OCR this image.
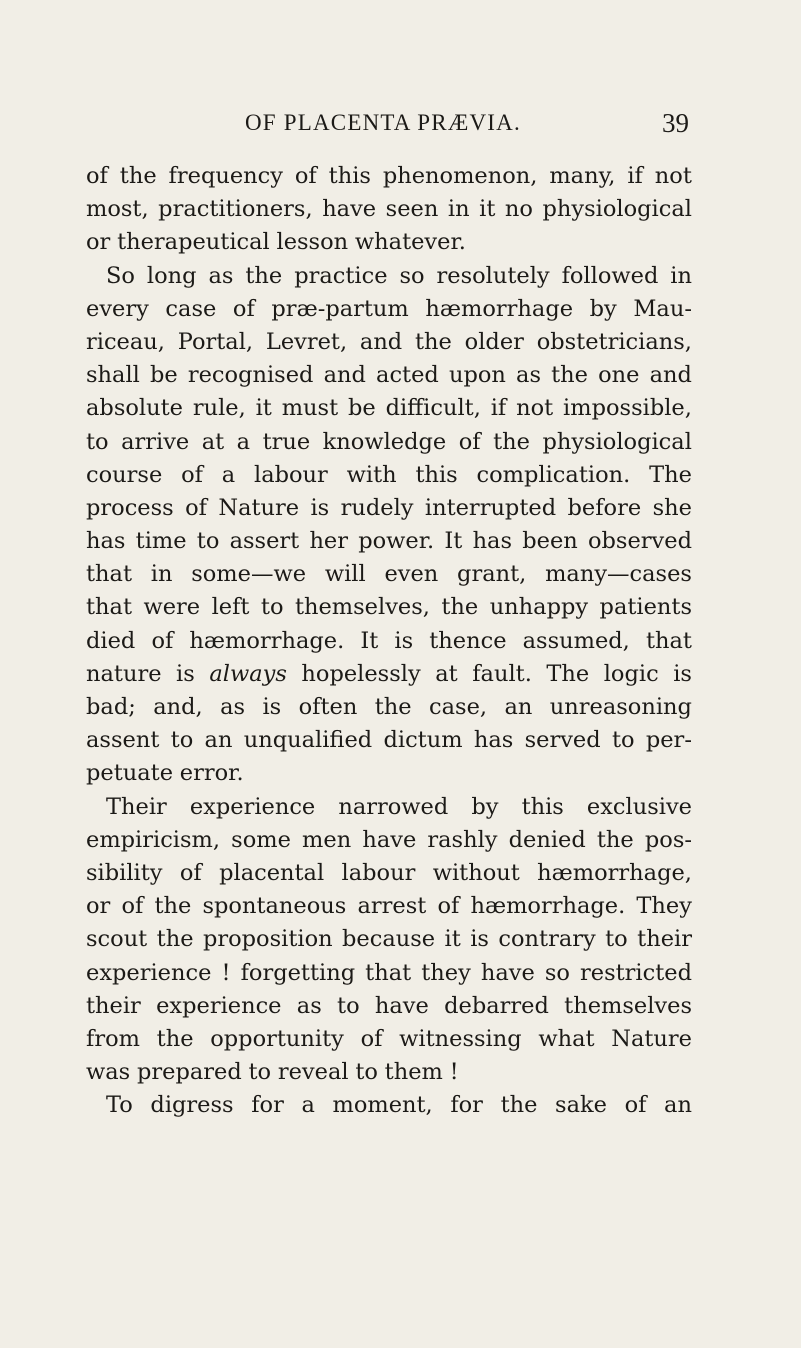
OF PLACENTA PRÆVIA.	39
of the frequency of this phenomenon, many, if not
most, practitioners, have seen in it no physiological
or therapeutical lesson whatever.
So long as the practice so resolutely followed in
every case of præ-partum hæmorrhage by Mau-
riceau, Portal, Levret, and the older obstetricians,
shall be recognised and acted upon as the one and
absolute rule, it must be difficult, if not impossible,
to arrive at a true knowledge of the physiological
course of a labour with this complication. The
process of Nature is rudely interrupted before she
has time to assert her power. It has been observed
that in some—we will even grant, many—cases
that were left to themselves, the unhappy patients
died of hæmorrhage. It is thence assumed, that
nature is always hopelessly at fault. The logic is
bad; and, as is often the case, an unreasoning
assent to an unqualified dictum has served to per-
petuate error.
Their experience narrowed by this exclusive
empiricism, some men have rashly denied the pos-
sibility of placental labour without hæmorrhage,
or of the spontaneous arrest of hæmorrhage. They
scout the proposition because it is contrary to their
experience ! forgetting that they have so restricted
their experience as to have debarred themselves
from the opportunity of witnessing what Nature
was prepared to reveal to them !
To digress for a moment, for the sake of an
